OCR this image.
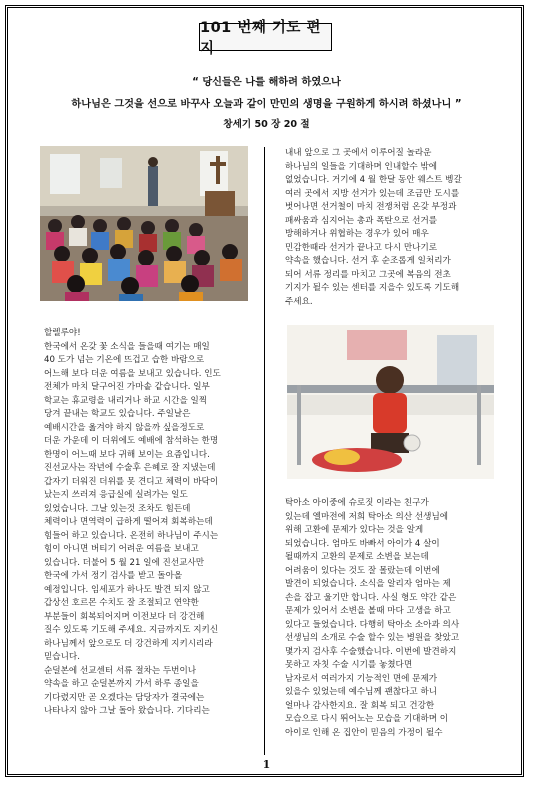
101 번째 기도 편지
“ 당신들은 나를 해하려 하였으나
하나님은 그것을 선으로 바꾸사 오늘과 같이 만민의 생명을 구원하게 하시려 하셨나니 ”
창세기 50 장 20 절
할렐루야!
한국에서 온갖 꽃 소식을 들을때 여기는 매일
40 도가 넘는 기온에 뜨겁고 습한 바람으로
어느해 보다 더운 여름을 보내고 있습니다. 인도
전체가 마치 달구어진 가마솥 같습니다. 일부
학교는 휴교령을 내리거나 하교 시간을 일찍
당겨 끝내는 학교도 있습니다. 주일날은
예배시간을 옮겨야 하지 않을까 싶을정도로
더운 가운데 이 더위에도 예배에 참석하는 한명
한명이 어느때 보다 귀해 보이는 요즘입니다.
진선교사는 작년에 수술후 은혜로 잘 지냈는데
갑자기 더워진 더위를 못 견디고 체력이 바닥이
났는지 쓰러져 응급실에 실려가는 일도
있었습니다. 그날 있는것 조차도 힘든데
체력이나 면역력이 급하게 떨어져 회복하는데
힘들어 하고 있습니다. 온전히 하나님이 주시는
힘이 아니면 버티기 어려운 여름을 보내고
있습니다. 더불어 5 월 21 일에 진선교사만
한국에 가서 정기 검사를 받고 돌아올
예정입니다. 임세포가 하나도 발견 되지 않고
갑상선 호르몬 수치도 잘 조절되고 연약한
부분들이 회복되어지며 이전보다 더 강건해
질수 있도록 기도해 주세요. 지금까지도 지키신
하나님께서 앞으로도 더 강건하게 지키시리라
믿습니다.
순덜본에 선교센터 서류 절차는 두번이나
약속을 하고 순덜본까지 가서 하루 종일을
기다렸지만 곧 오겠다는 담당자가 결국에는
나타나지 않아 그날 돌아 왔습니다. 기다리는
내내 앞으로 그 곳에서 이루어질 놀라운
하나님의 일들을 기대하며 인내할수 밖에
없었습니다. 거기에 4 월 한달 동안 웨스트 벵갈
여러 곳에서 지방 선거가 있는데 조금만 도시를
벗어나면 선거철이 마치 전쟁처럼 온갖 부정과
패싸움과 심지어는 총과 폭탄으로 선거를
방해하거나 위협하는 경우가 있어 매우
민감한때라 선거가 끝나고 다시 만나기로
약속을 했습니다. 선거 후 순조롭게 일처리가
되어 서류 정리를 마치고 그곳에 복음의 전초
기지가 될수 있는 센터를 지을수 있도록 기도해
주세요.
탁아소 아이중에 슈로짓 이라는 친구가
있는데 엘마전에 저희 탁아소 의산 선생님에
위해 고환에 문제가 있다는 것을 알게
되었습니다. 엄마도 바빠서 아이가 4 살이
될때까지 고환의 문제로 소변을 보는데
어려움이 있다는 것도 잘 몰랐는데 이번에
발견이 되었습니다. 소식을 알리자 엄마는 제
손을 잡고 울기만 합니다. 사실 형도 약간 같은
문제가 있어서 소변을 볼때 마다 고생을 하고
있다고 들었습니다. 다행히 탁아소 소아과 의사
선생님의 소개로 수술 할수 있는 병원을 찾았고
몇가지 검사후 수술했습니다. 이번에 발견하지
못하고 자칫 수술 시기를 놓쳤다면
남자로서 여러가지 기능적인 면에 문제가
있을수 있었는데 예수님께 괜찮다고 하니
얼마나 감사한지요. 잘 회복 되고 건강한
모습으로 다시 뛰어노는 모습을 기대하며 이
아이로 인해 온 집안이 믿음의 가정이 될수
1
